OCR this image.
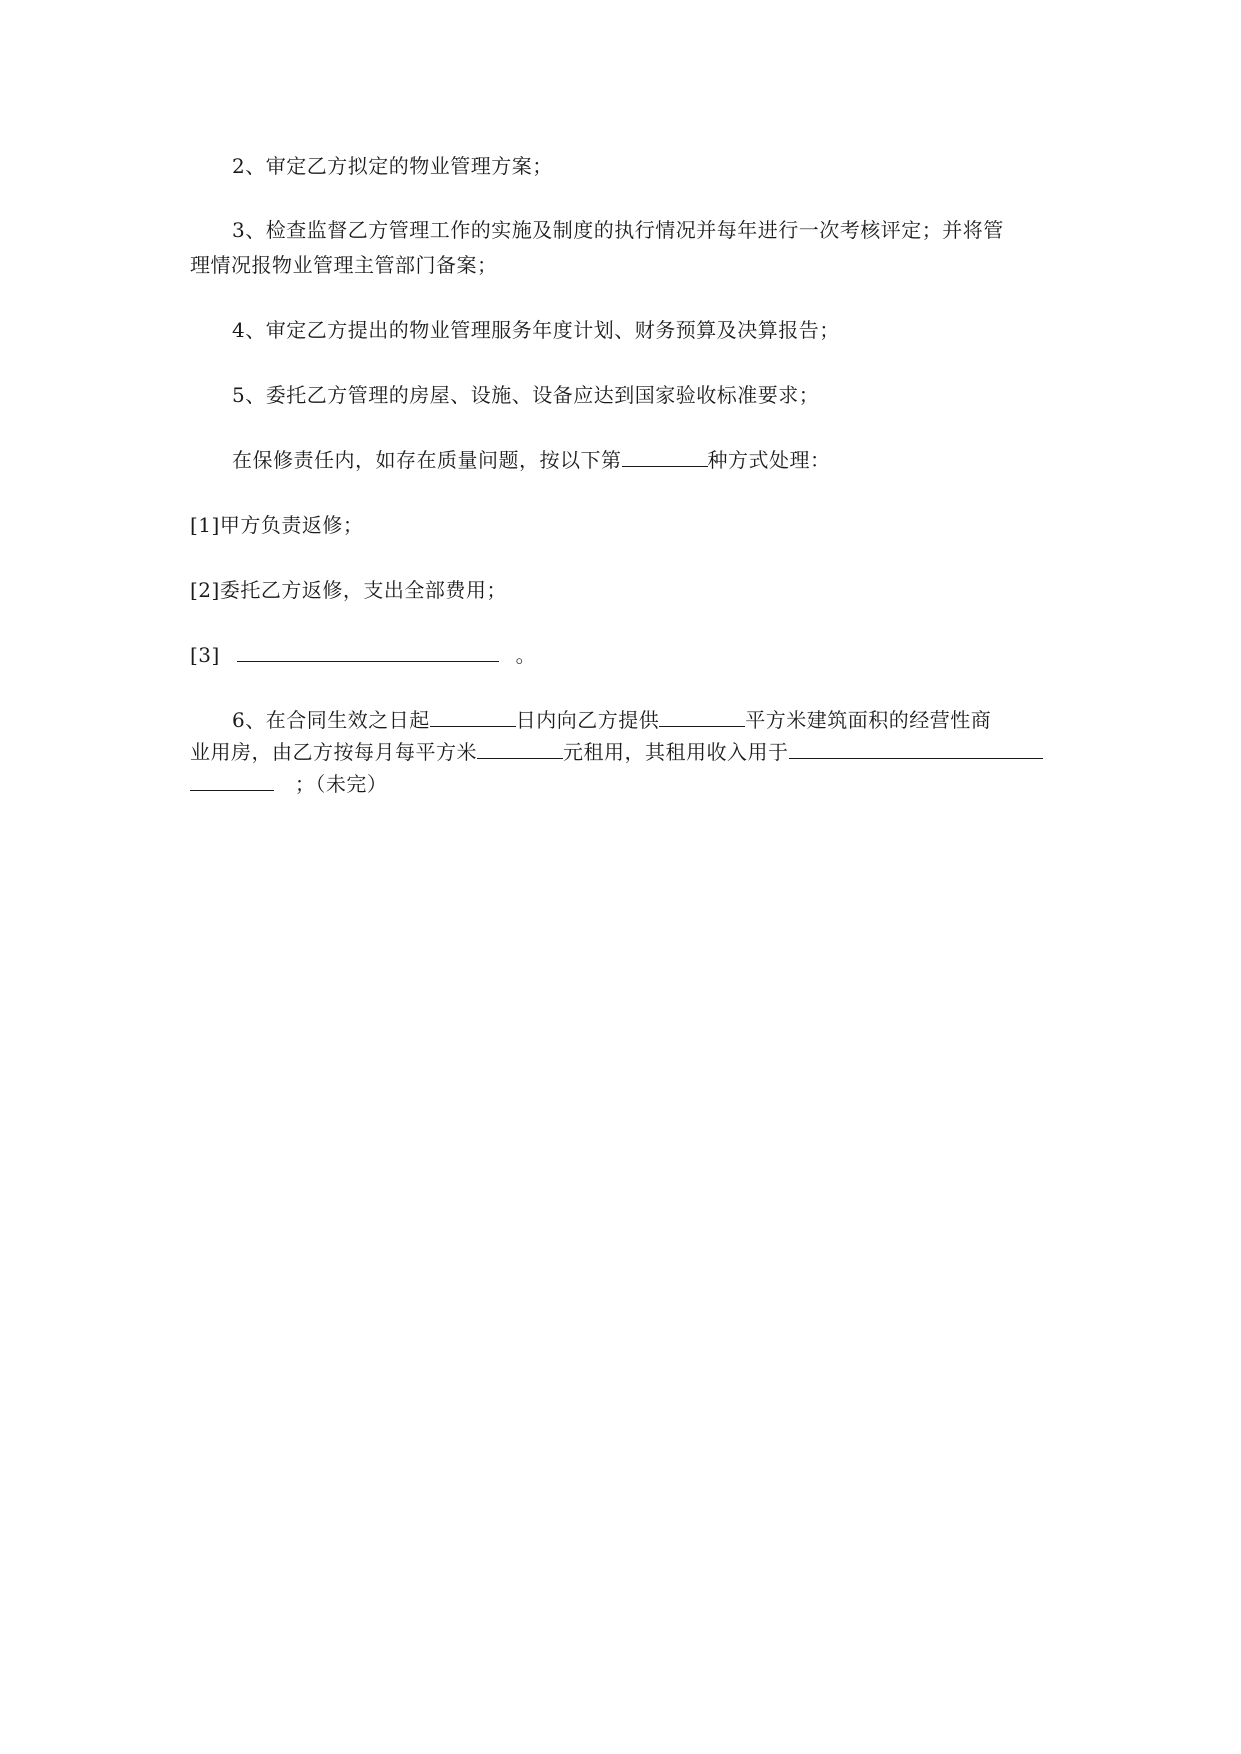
2、审定乙方拟定的物业管理方案；
3、检查监督乙方管理工作的实施及制度的执行情况并每年进行一次考核评定；并将管
理情况报物业管理主管部门备案；
4、审定乙方提出的物业管理服务年度计划、财务预算及决算报告；
5、委托乙方管理的房屋、设施、设备应达到国家验收标准要求；
在保修责任内，如存在质量问题，按以下第	种方式处理：
[1]甲方负责返修；
[2]委托乙方返修，支出全部费用；
[3]	。
6、在合同生效之日起	日内向乙方提供	平方米建筑面积的经营性商
业用房，由乙方按每月每平方米	元租用，其租用收入用于
；（未完）
